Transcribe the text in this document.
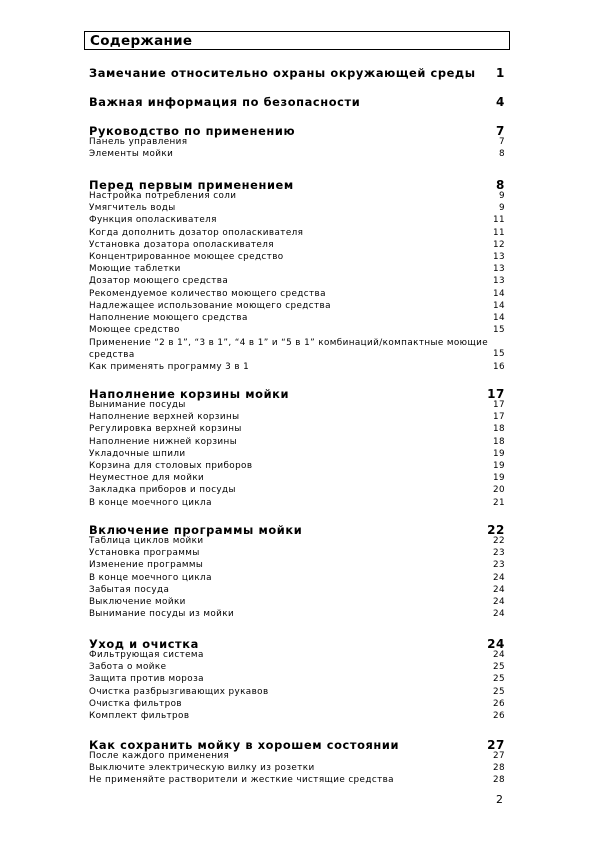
Содержание
Замечание относительно охраны окружающей среды 1
Важная информация по безопасности	4
Руководство по применению	7
Панель управления	7
Элементы мойки	8
Перед первым применением	8
Настройка потребления соли	9
Умягчитель воды	9
Функция ополаскивателя	11
Когда дополнить дозатор ополаскивателя	11
Установка дозатора ополаскивателя	12
Концентрированное моющее средство	13
Моющие таблетки	13
Дозатор моющего средства	13
Рекомендуемое количество моющего средства	14
Надлежащее использование моющего средства	14
Наполнение моющего средства	14
Моющее средство	15
Применение “2 в 1”, “3 в 1”, “4 в 1” и “5 в 1” комбинаций/компактные моющие средства	15
Как применять программу 3 в 1	16
Наполнение корзины мойки	17
Вынимание посуды	17
Наполнение верхней корзины	17
Регулировка верхней корзины	18
Наполнение нижней корзины	18
Укладочные шпили	19
Корзина для столовых приборов	19
Неуместное для мойки	19
Закладка приборов и посуды	20
В конце моечного цикла	21
Включение программы мойки	22
Таблица циклов мойки	22
Установка программы	23
Изменение программы	23
В конце моечного цикла	24
Забытая посуда	24
Выключение мойки	24
Вынимание посуды из мойки	24
Уход и очистка	24
Фильтрующая система	24
Забота о мойке	25
Защита против мороза	25
Очистка разбрызгивающих рукавов	25
Очистка фильтров	26
Комплект фильтров	26
Как сохранить мойку в хорошем состоянии	27
После каждого применения	27
Выключите электрическую вилку из розетки	28
Не применяйте растворители и жесткие чистящие средства	28
2
